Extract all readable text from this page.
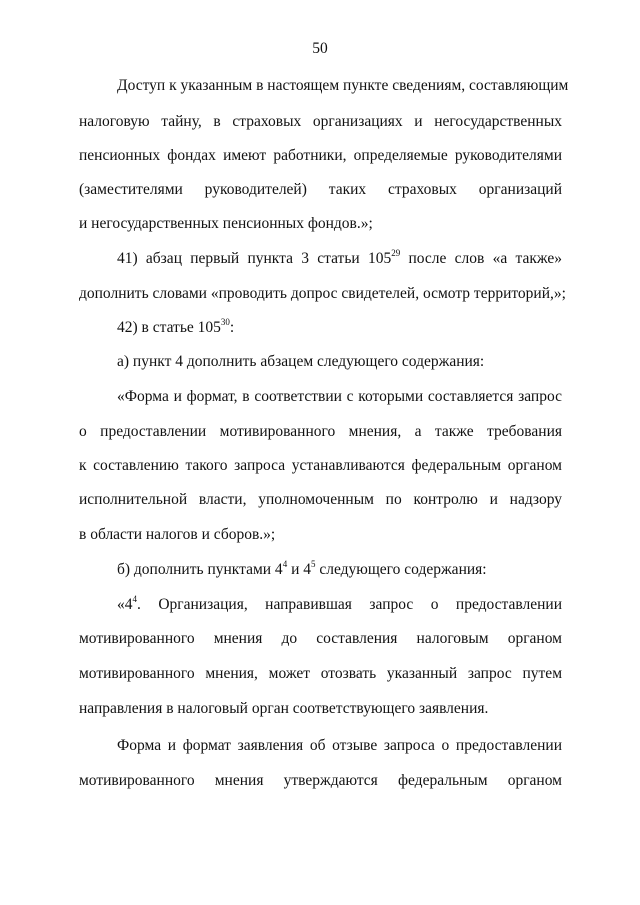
50
Доступ к указанным в настоящем пункте сведениям, составляющим
налоговую тайну, в страховых организациях и негосударственных
пенсионных фондах имеют работники, определяемые руководителями
(заместителями руководителей) таких страховых организаций
и негосударственных пенсионных фондов.»;
41) абзац первый пункта 3 статьи $105^{29}$ после слов «а также»
дополнить словами «проводить допрос свидетелей, осмотр территорий,»;
42) в статье $105^{30}$:
а) пункт 4 дополнить абзацем следующего содержания:
«Форма и формат, в соответствии с которыми составляется запрос
о предоставлении мотивированного мнения, а также требования
к составлению такого запроса устанавливаются федеральным органом
исполнительной власти, уполномоченным по контролю и надзору
в области налогов и сборов.»;
б) дополнить пунктами $4^4$ и $4^5$ следующего содержания:
«$4^4$. Организация, направившая запрос о предоставлении
мотивированного мнения до составления налоговым органом
мотивированного мнения, может отозвать указанный запрос путем
направления в налоговый орган соответствующего заявления.
Форма и формат заявления об отзыве запроса о предоставлении
мотивированного мнения утверждаются федеральным органом
